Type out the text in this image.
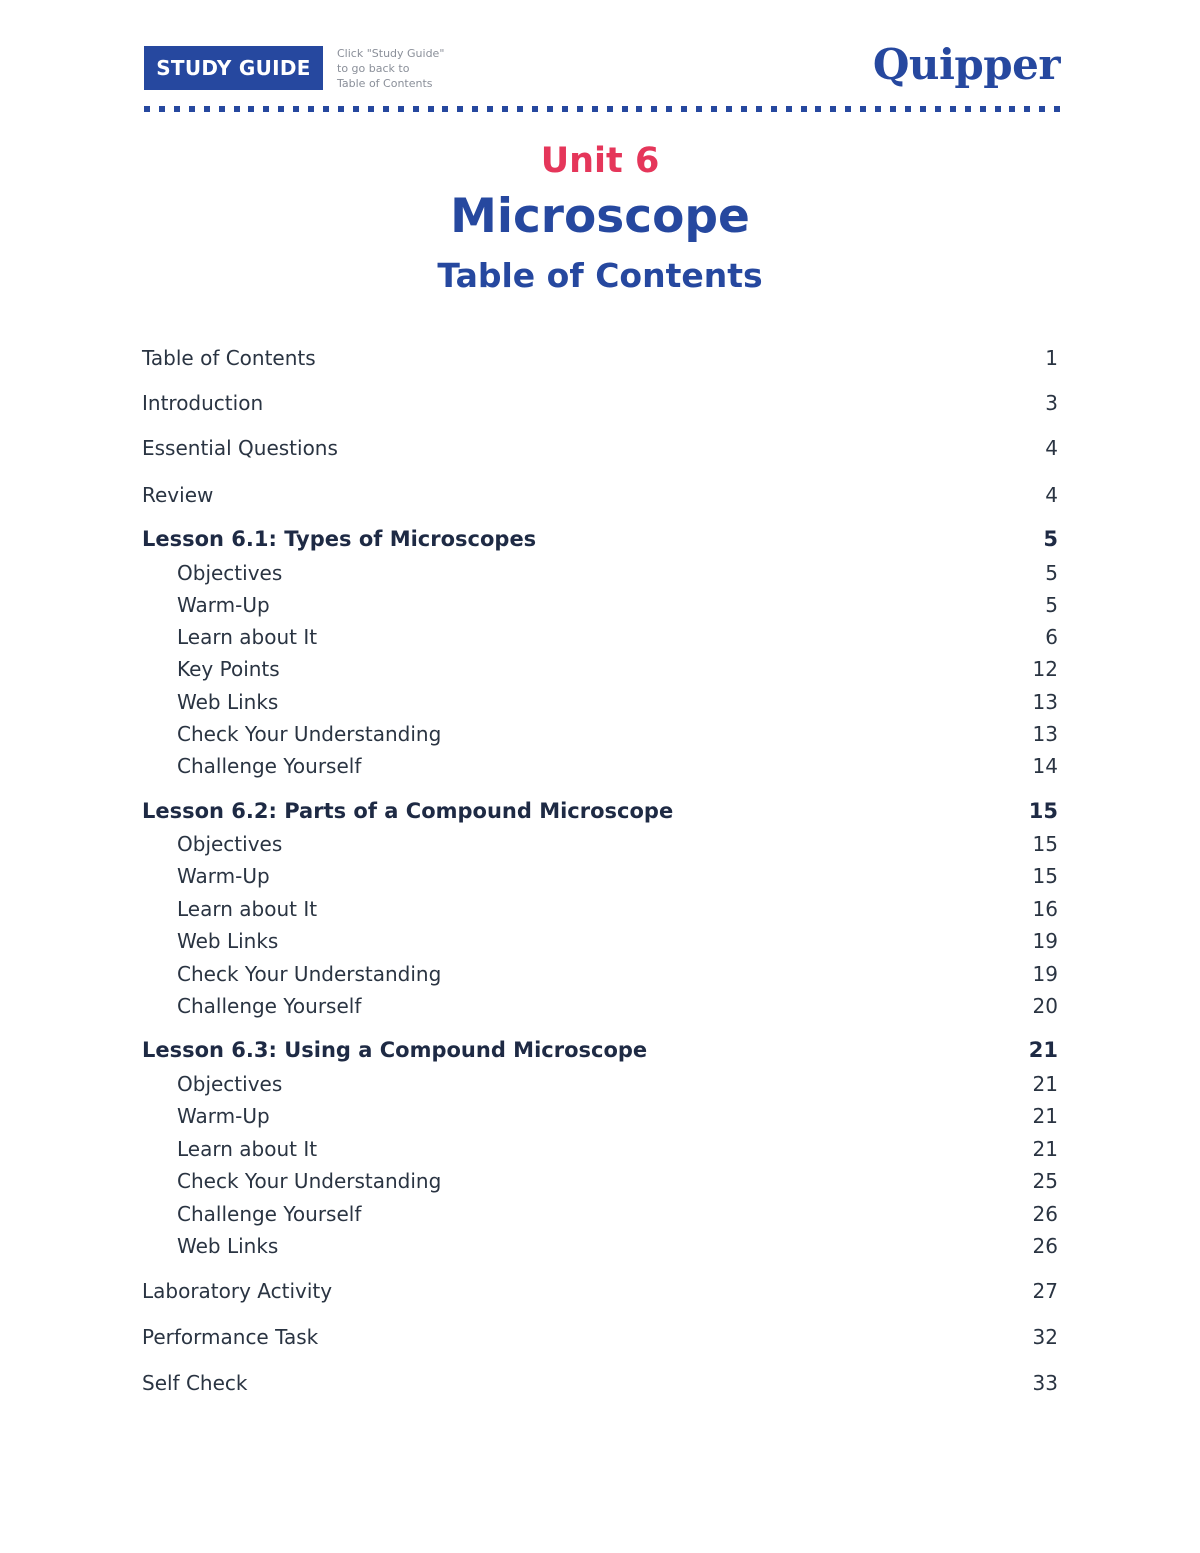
STUDY GUIDE
Click "Study Guide"
to go back to
Table of Contents	Quipper
Unit 6
Microscope
Table of Contents
Table of Contents	1
Introduction	3
Essential Questions	4
Review	4
Lesson 6.1: Types of Microscopes	5
Objectives	5
Warm-Up	5
Learn about It	6
Key Points	12
Web Links	13
Check Your Understanding	13
Challenge Yourself	14
Lesson 6.2: Parts of a Compound Microscope	15
Objectives	15
Warm-Up	15
Learn about It	16
Web Links	19
Check Your Understanding	19
Challenge Yourself	20
Lesson 6.3: Using a Compound Microscope	21
Objectives	21
Warm-Up	21
Learn about It	21
Check Your Understanding	25
Challenge Yourself	26
Web Links	26
Laboratory Activity	27
Performance Task	32
Self Check	33
